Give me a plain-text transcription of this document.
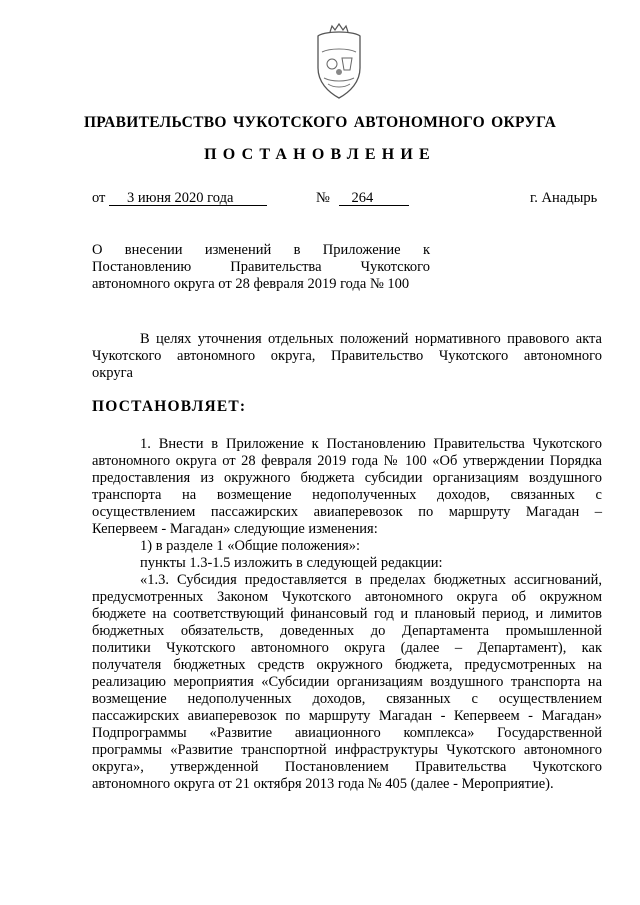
ПРАВИТЕЛЬСТВО ЧУКОТСКОГО АВТОНОМНОГО ОКРУГА
ПОСТАНОВЛЕНИЕ
от 3 июня 2020 года	№ 264	г. Анадырь
О внесении изменений в Приложение к
Постановлению Правительства Чукотского
автономного округа от 28 февраля 2019 года № 100
В целях уточнения отдельных положений нормативного правового акта
Чукотского автономного округа, Правительство Чукотского автономного
округа
ПОСТАНОВЛЯЕТ:
1. Внести в Приложение к Постановлению Правительства Чукотского
автономного округа от 28 февраля 2019 года № 100 «Об утверждении Порядка
предоставления из окружного бюджета субсидии организациям воздушного
транспорта на возмещение недополученных доходов, связанных с
осуществлением пассажирских авиаперевозок по маршруту Магадан –
Кепервеем - Магадан» следующие изменения:
1) в разделе 1 «Общие положения»:
пункты 1.3-1.5 изложить в следующей редакции:
«1.3. Субсидия предоставляется в пределах бюджетных ассигнований,
предусмотренных Законом Чукотского автономного округа об окружном
бюджете на соответствующий финансовый год и плановый период, и лимитов
бюджетных обязательств, доведенных до Департамента промышленной
политики Чукотского автономного округа (далее – Департамент), как
получателя бюджетных средств окружного бюджета, предусмотренных на
реализацию мероприятия «Субсидии организациям воздушного транспорта на
возмещение недополученных доходов, связанных с осуществлением
пассажирских авиаперевозок по маршруту Магадан - Кепервеем - Магадан»
Подпрограммы «Развитие авиационного комплекса» Государственной
программы «Развитие транспортной инфраструктуры Чукотского автономного
округа», утвержденной Постановлением Правительства Чукотского
автономного округа от 21 октября 2013 года № 405 (далее - Мероприятие).
